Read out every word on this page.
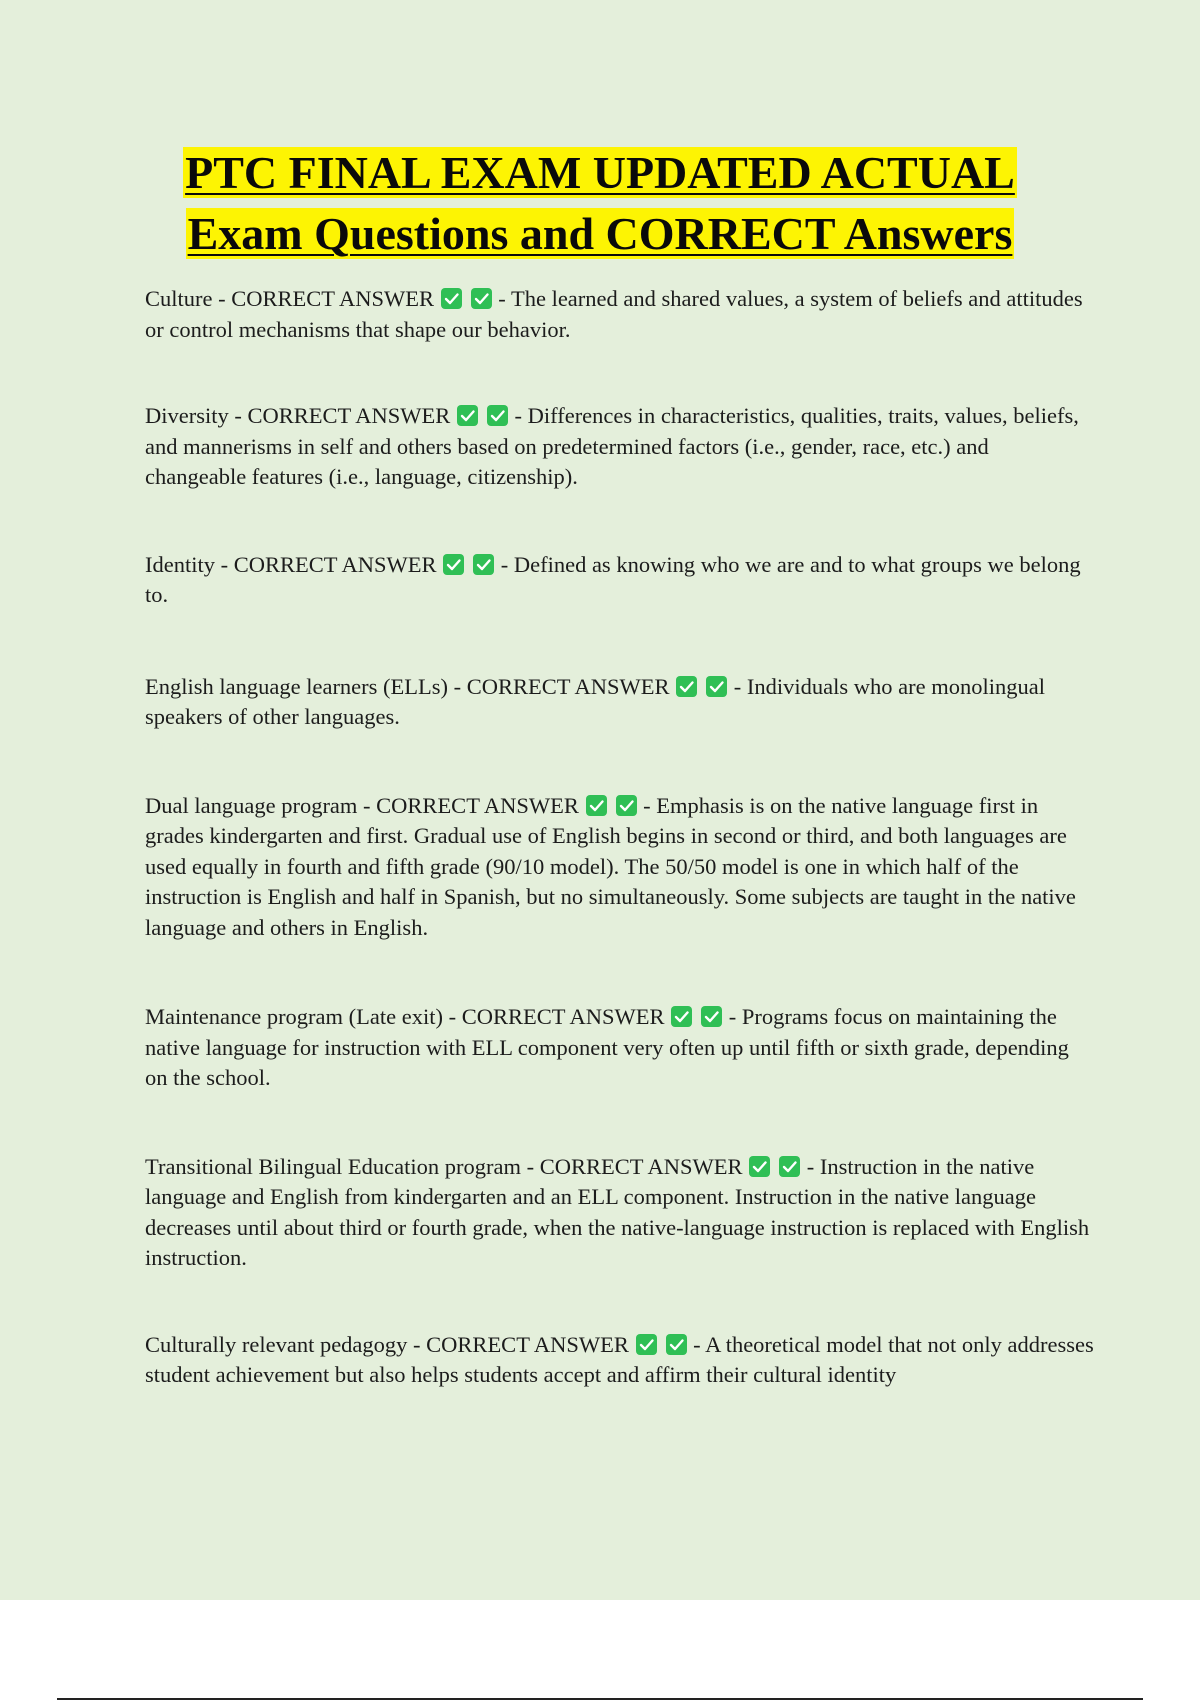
PTC FINAL EXAM UPDATED ACTUAL
Exam Questions and CORRECT Answers
Culture - CORRECT ANSWER	- The learned and shared values, a system of beliefs and attitudes or control mechanisms that shape our behavior.
Diversity - CORRECT ANSWER	- Differences in characteristics, qualities, traits, values, beliefs, and mannerisms in self and others based on predetermined factors (i.e., gender, race, etc.) and changeable features (i.e., language, citizenship).
Identity - CORRECT ANSWER	- Defined as knowing who we are and to what groups we belong to.
English language learners (ELLs) - CORRECT ANSWER	- Individuals who are monolingual speakers of other languages.
Dual language program - CORRECT ANSWER	- Emphasis is on the native language first in grades kindergarten and first. Gradual use of English begins in second or third, and both languages are used equally in fourth and fifth grade (90/10 model). The 50/50 model is one in which half of the instruction is English and half in Spanish, but no simultaneously. Some subjects are taught in the native language and others in English.
Maintenance program (Late exit) - CORRECT ANSWER	- Programs focus on maintaining the native language for instruction with ELL component very often up until fifth or sixth grade, depending on the school.
Transitional Bilingual Education program - CORRECT ANSWER	- Instruction in the native language and English from kindergarten and an ELL component. Instruction in the native language decreases until about third or fourth grade, when the native-language instruction is replaced with English instruction.
Culturally relevant pedagogy - CORRECT ANSWER	- A theoretical model that not only addresses student achievement but also helps students accept and affirm their cultural identity
